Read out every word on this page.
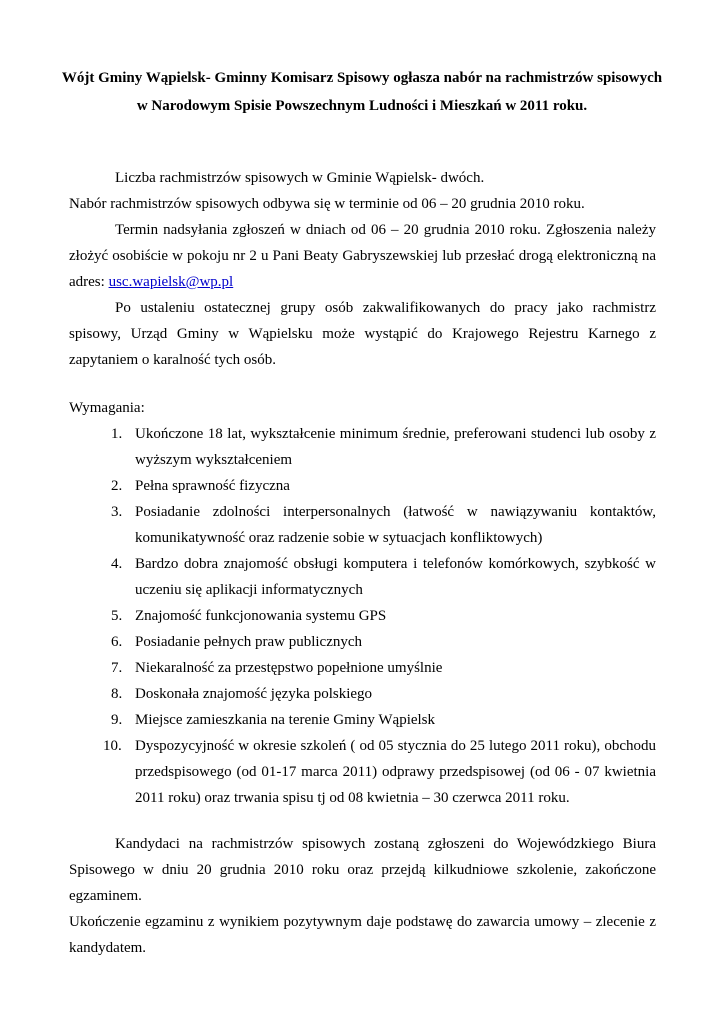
Wójt Gminy Wąpielsk- Gminny Komisarz Spisowy ogłasza nabór na rachmistrzów spisowych
w Narodowym Spisie Powszechnym Ludności i Mieszkań w 2011 roku.

Liczba rachmistrzów spisowych w Gminie Wąpielsk- dwóch.

Nabór rachmistrzów spisowych odbywa się w terminie od 06 – 20 grudnia 2010 roku.

Termin nadsyłania zgłoszeń w dniach od 06 – 20 grudnia 2010 roku. Zgłoszenia należy złożyć osobiście w pokoju nr 2 u Pani Beaty Gabryszewskiej lub przesłać drogą elektroniczną na adres: usc.wapielsk@wp.pl

Po ustaleniu ostatecznej grupy osób zakwalifikowanych do pracy jako rachmistrz spisowy, Urząd Gminy w Wąpielsku może wystąpić do Krajowego Rejestru Karnego z zapytaniem o karalność tych osób.

Wymagania:

1. Ukończone 18 lat, wykształcenie minimum średnie, preferowani studenci lub osoby z wyższym wykształceniem
2. Pełna sprawność fizyczna
3. Posiadanie zdolności interpersonalnych (łatwość w nawiązywaniu kontaktów, komunikatywność oraz radzenie sobie w sytuacjach konfliktowych)
4. Bardzo dobra znajomość obsługi komputera i telefonów komórkowych, szybkość w uczeniu się aplikacji informatycznych
5. Znajomość funkcjonowania systemu GPS
6. Posiadanie pełnych praw publicznych
7. Niekaralność za przestępstwo popełnione umyślnie
8. Doskonała znajomość języka polskiego
9. Miejsce zamieszkania na terenie Gminy Wąpielsk
10. Dyspozycyjność w okresie szkoleń ( od 05 stycznia do 25 lutego 2011 roku), obchodu przedspisowego (od 01-17 marca 2011) odprawy przedspisowej (od 06 - 07 kwietnia 2011 roku) oraz trwania spisu tj od 08 kwietnia – 30 czerwca 2011 roku.

Kandydaci na rachmistrzów spisowych zostaną zgłoszeni do Wojewódzkiego Biura Spisowego w dniu 20 grudnia 2010 roku oraz przejdą kilkudniowe szkolenie, zakończone egzaminem.

Ukończenie egzaminu z wynikiem pozytywnym daje podstawę do zawarcia umowy – zlecenie z kandydatem.
